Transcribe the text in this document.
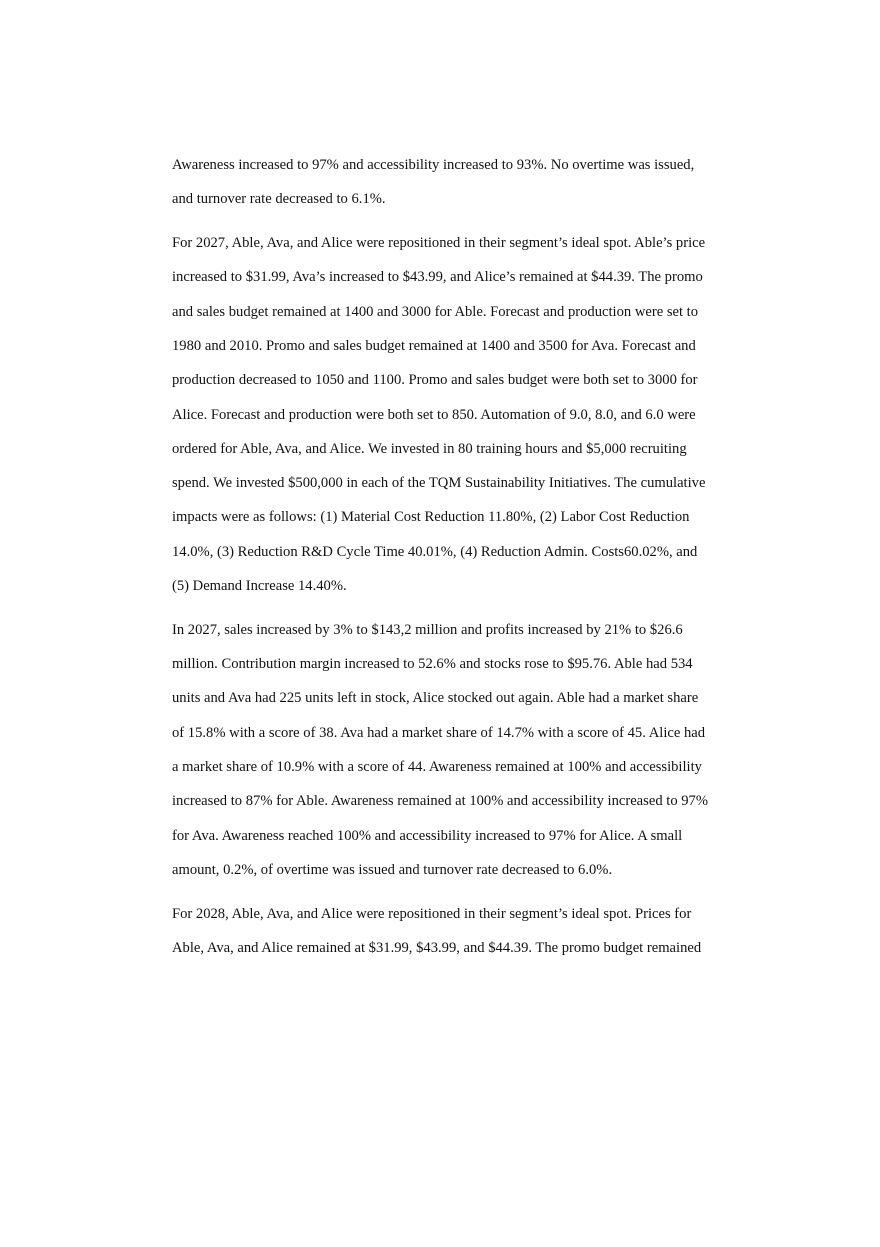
Awareness increased to 97% and accessibility increased to 93%. No overtime was issued,
and turnover rate decreased to 6.1%.

For 2027, Able, Ava, and Alice were repositioned in their segment’s ideal spot. Able’s price
increased to $31.99, Ava’s increased to $43.99, and Alice’s remained at $44.39. The promo
and sales budget remained at 1400 and 3000 for Able. Forecast and production were set to
1980 and 2010. Promo and sales budget remained at 1400 and 3500 for Ava. Forecast and
production decreased to 1050 and 1100. Promo and sales budget were both set to 3000 for
Alice. Forecast and production were both set to 850. Automation of 9.0, 8.0, and 6.0 were
ordered for Able, Ava, and Alice. We invested in 80 training hours and $5,000 recruiting
spend. We invested $500,000 in each of the TQM Sustainability Initiatives. The cumulative
impacts were as follows: (1) Material Cost Reduction 11.80%, (2) Labor Cost Reduction
14.0%, (3) Reduction R&D Cycle Time 40.01%, (4) Reduction Admin. Costs60.02%, and
(5) Demand Increase 14.40%.

In 2027, sales increased by 3% to $143,2 million and profits increased by 21% to $26.6
million. Contribution margin increased to 52.6% and stocks rose to $95.76. Able had 534
units and Ava had 225 units left in stock, Alice stocked out again. Able had a market share
of 15.8% with a score of 38. Ava had a market share of 14.7% with a score of 45. Alice had
a market share of 10.9% with a score of 44. Awareness remained at 100% and accessibility
increased to 87% for Able. Awareness remained at 100% and accessibility increased to 97%
for Ava. Awareness reached 100% and accessibility increased to 97% for Alice. A small
amount, 0.2%, of overtime was issued and turnover rate decreased to 6.0%.

For 2028, Able, Ava, and Alice were repositioned in their segment’s ideal spot. Prices for
Able, Ava, and Alice remained at $31.99, $43.99, and $44.39. The promo budget remained
